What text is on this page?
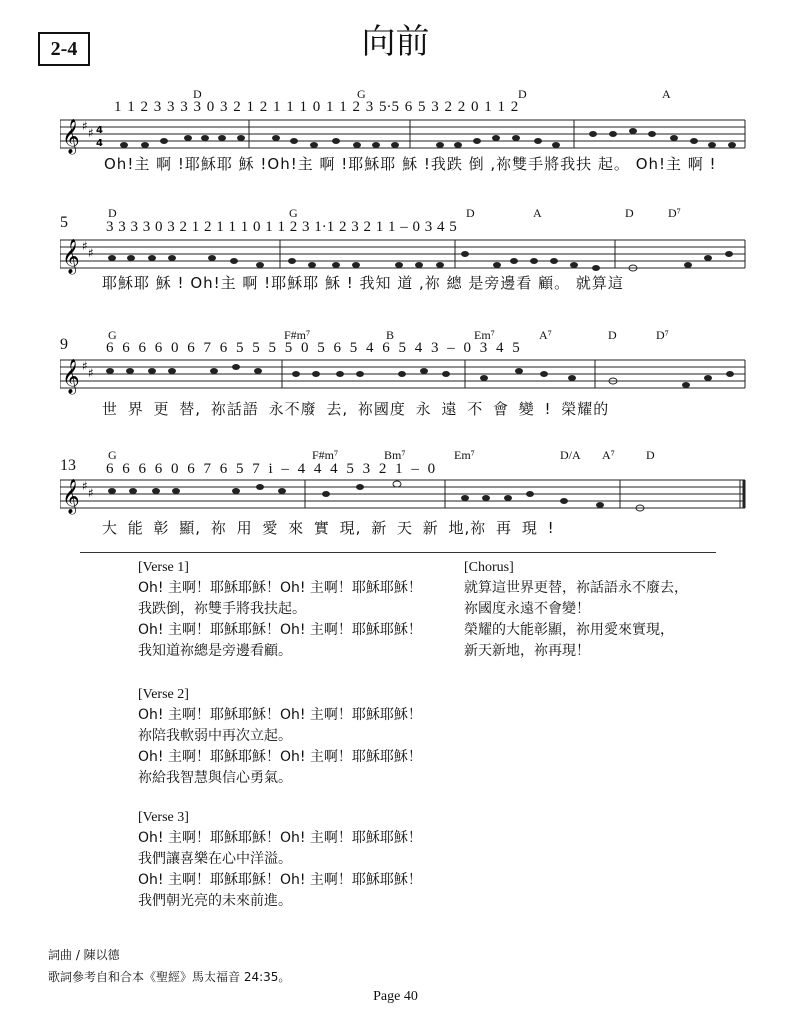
2-4	向前
D	G	D	A
1 1 2 3 3 3 3 0 3 2 1 2 1 1 1 0 1 1 2 3 5·5 6 5 3 2 2 0 1 1 2
𝄞 ♯ ♯ 4
4
Oh!主 啊 !耶穌耶 穌 !Oh!主 啊 !耶穌耶 穌 !我跌 倒 ,祢雙手將我扶 起。 Oh!主 啊 !
5
D	G	D	A	D	D⁷
3 3 3 3 0 3 2 1 2 1 1 1 0 1 1 2 3 1·1 2 3 2 1 1 – 0 3 4 5
𝄞 ♯ ♯
耶穌耶 穌 ! Oh!主 啊 !耶穌耶 穌 ! 我知 道 ,祢 總 是旁邊看 顧。 就算這
9
G	F#m⁷	B	Em⁷	A⁷	D	D⁷
6 6 6 6 0 6 7 6 5 5 5 5 0 5 6 5 4 6 5 4 3 – 0 3 4 5
𝄞 ♯ ♯
世 界 更 替, 祢話語 永不廢 去, 祢國度 永 遠 不 會 變 ! 榮耀的
13
G	F#m⁷	Bm⁷	Em⁷	D/A A⁷	D
6 6 6 6 0 6 7 6 5 7 i – 4 4 4 5 3 2 1 – 0
𝄞 ♯ ♯
大 能 彰 顯, 祢 用 愛 來 實 現, 新 天 新 地,祢 再 現 !

[Verse 1]

Oh! 主啊！耶穌耶穌！Oh! 主啊！耶穌耶穌！

我跌倒，祢雙手將我扶起。

Oh! 主啊！耶穌耶穌！Oh! 主啊！耶穌耶穌！

我知道祢總是旁邊看顧。

[Verse 2]

Oh! 主啊！耶穌耶穌！Oh! 主啊！耶穌耶穌！

祢陪我軟弱中再次立起。

Oh! 主啊！耶穌耶穌！Oh! 主啊！耶穌耶穌！

祢給我智慧與信心勇氣。

[Verse 3]

Oh! 主啊！耶穌耶穌！Oh! 主啊！耶穌耶穌！

我們讓喜樂在心中洋溢。

Oh! 主啊！耶穌耶穌！Oh! 主啊！耶穌耶穌！

我們朝光亮的未來前進。

[Chorus]

就算這世界更替，祢話語永不廢去，

祢國度永遠不會變！

榮耀的大能彰顯，祢用愛來實現，

新天新地，祢再現！

詞曲 / 陳以德
歌詞參考自和合本《聖經》馬太福音 24:35。
Page 40
